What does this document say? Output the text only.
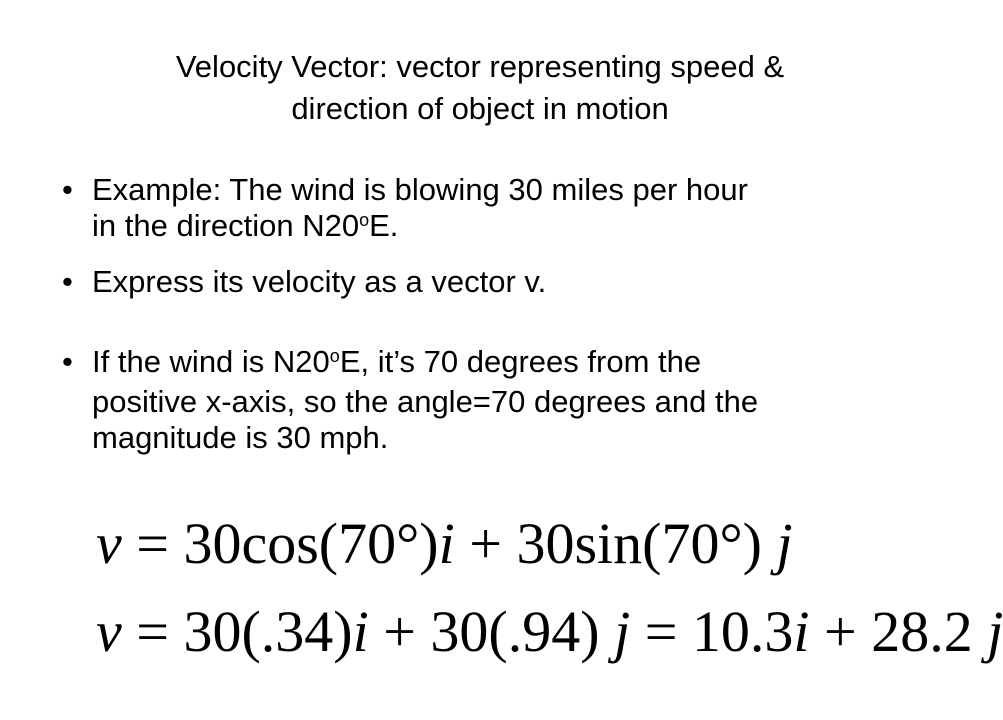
Velocity Vector: vector representing speed &
direction of object in motion
• Example: The wind is blowing 30 miles per hour
in the direction N20$^o$E.
• Express its velocity as a vector v.
• If the wind is N20$^o$E, it’s 70 degrees from the
positive x-axis, so the angle=70 degrees and the
magnitude is 30 mph.
v = 30cos(70°)i + 30sin(70°) j
v = 30(.34)i + 30(.94) j = 10.3i + 28.2 j
